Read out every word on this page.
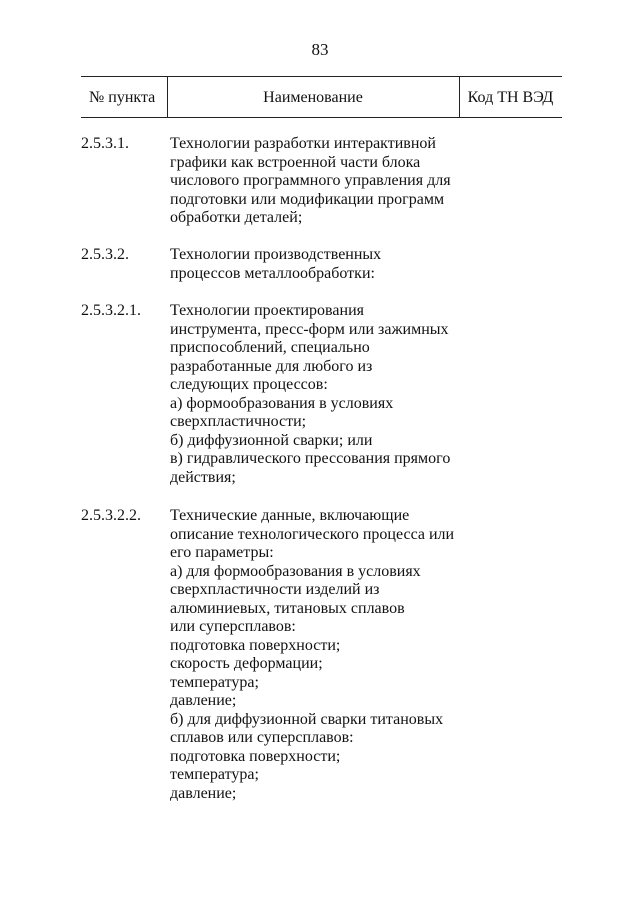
83
№ пункта	Наименование	Код ТН ВЭД
2.5.3.1.	Технологии разработки интерактивной
графики как встроенной части блока
числового программного управления для
подготовки или модификации программ
обработки деталей;
2.5.3.2.	Технологии производственных
процессов металлообработки:
2.5.3.2.1. Технологии проектирования
инструмента, пресс-форм или зажимных
приспособлений, специально
разработанные для любого из
следующих процессов:
а) формообразования в условиях
сверхпластичности;
б) диффузионной сварки; или
в) гидравлического прессования прямого
действия;
2.5.3.2.2. Технические данные, включающие
описание технологического процесса или
его параметры:
а) для формообразования в условиях
сверхпластичности изделий из
алюминиевых, титановых сплавов
или суперсплавов:
подготовка поверхности;
скорость деформации;
температура;
давление;
б) для диффузионной сварки титановых
сплавов или суперсплавов:
подготовка поверхности;
температура;
давление;
